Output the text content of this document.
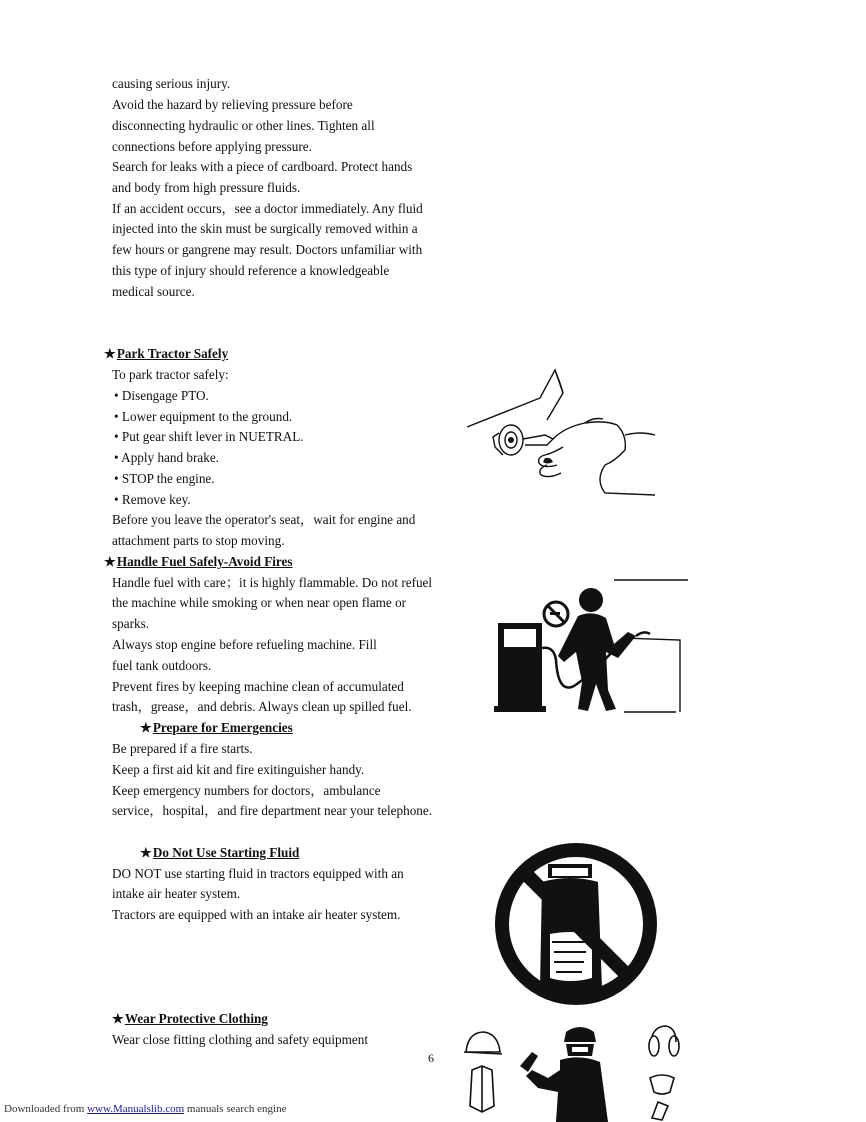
causing serious injury.
Avoid the hazard by relieving pressure before
disconnecting hydraulic or other lines. Tighten all
connections before applying pressure.
Search for leaks with a piece of cardboard. Protect hands
and body from high pressure fluids.
If an accident occurs，see a doctor immediately. Any fluid
injected into the skin must be surgically removed within a
few hours or gangrene may result. Doctors unfamiliar with
this type of injury should reference a knowledgeable
medical source.
★Park Tractor Safely
To park tractor safely:
• Disengage PTO.
• Lower equipment to the ground.
• Put gear shift lever in NUETRAL.
• Apply hand brake.
• STOP the engine.
• Remove key.
Before you leave the operator's seat，wait for engine and
attachment parts to stop moving.
★Handle Fuel Safely-Avoid Fires
Handle fuel with care；it is highly flammable. Do not refuel
the machine while smoking or when near open flame or
sparks.
Always stop engine before refueling machine. Fill
fuel tank outdoors.
Prevent fires by keeping machine clean of accumulated
trash，grease，and debris. Always clean up spilled fuel.
★Prepare for Emergencies
Be prepared if a fire starts.
Keep a first aid kit and fire exitinguisher handy.
Keep emergency numbers for doctors，ambulance
service，hospital，and fire department near your telephone.
★Do Not Use Starting Fluid
DO NOT use starting fluid in tractors equipped with an
intake air heater system.
Tractors are equipped with an intake air heater system.
★Wear Protective Clothing
Wear close fitting clothing and safety equipment
6
Downloaded from www.Manualslib.com manuals search engine
